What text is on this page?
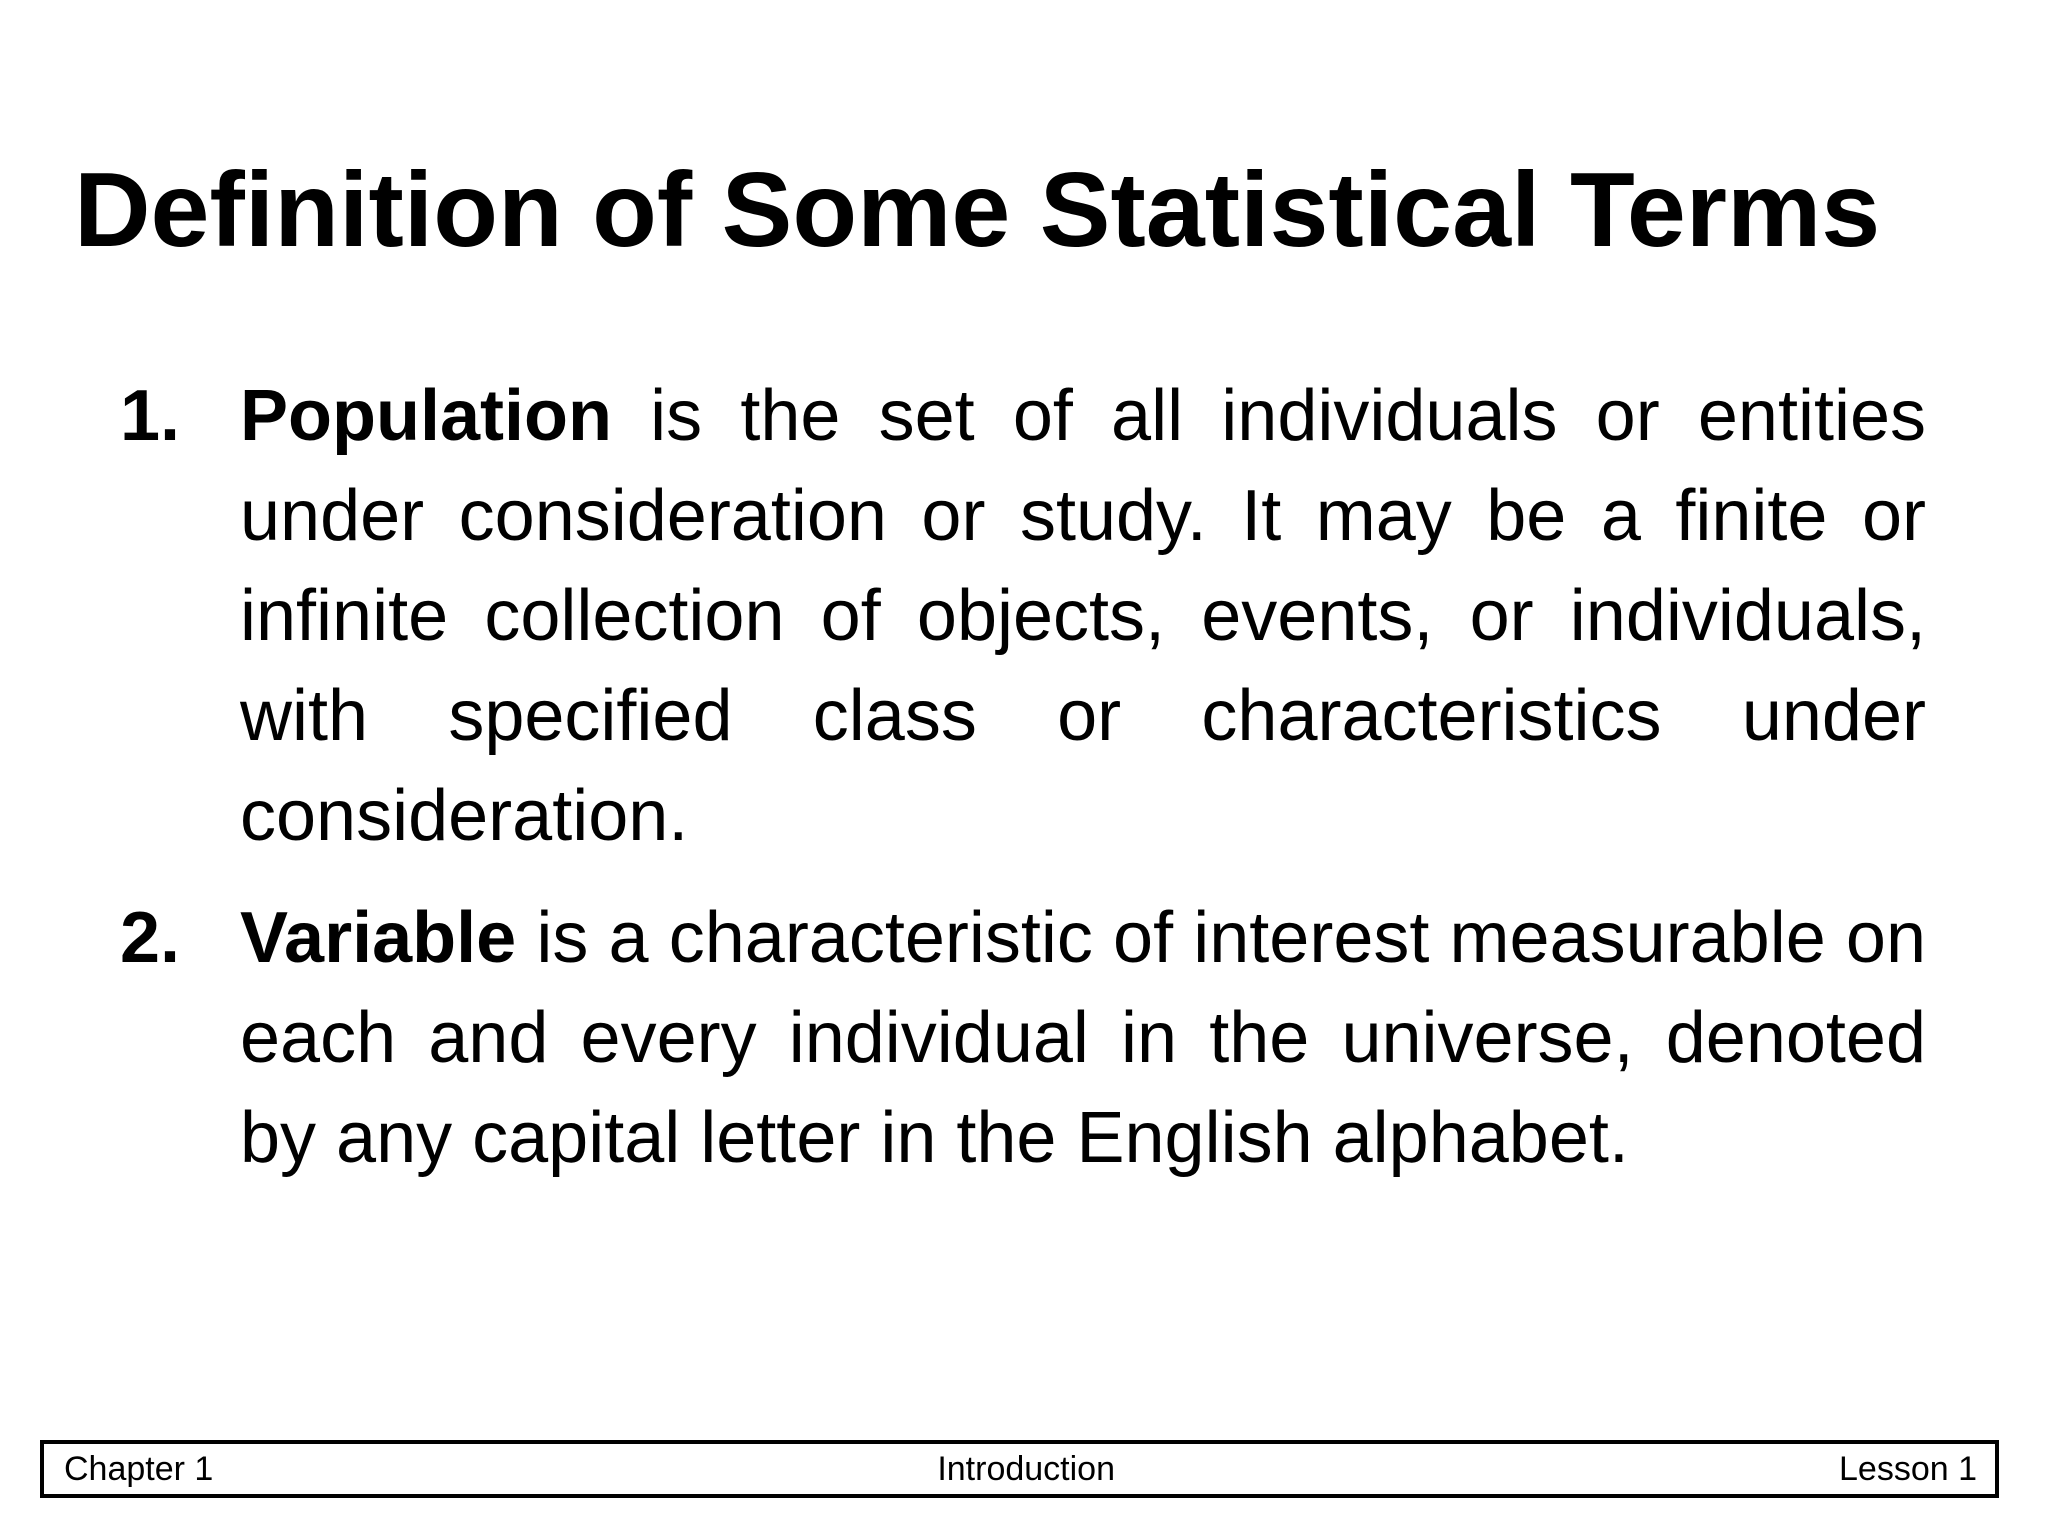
Definition of Some Statistical Terms
1. Population is the set of all individuals or entities under consideration or study. It may be a finite or infinite collection of objects, events, or individuals, with specified class or characteristics under consideration.
2. Variable is a characteristic of interest measurable on each and every individual in the universe, denoted by any capital letter in the English alphabet.
Chapter 1	Introduction	Lesson 1
